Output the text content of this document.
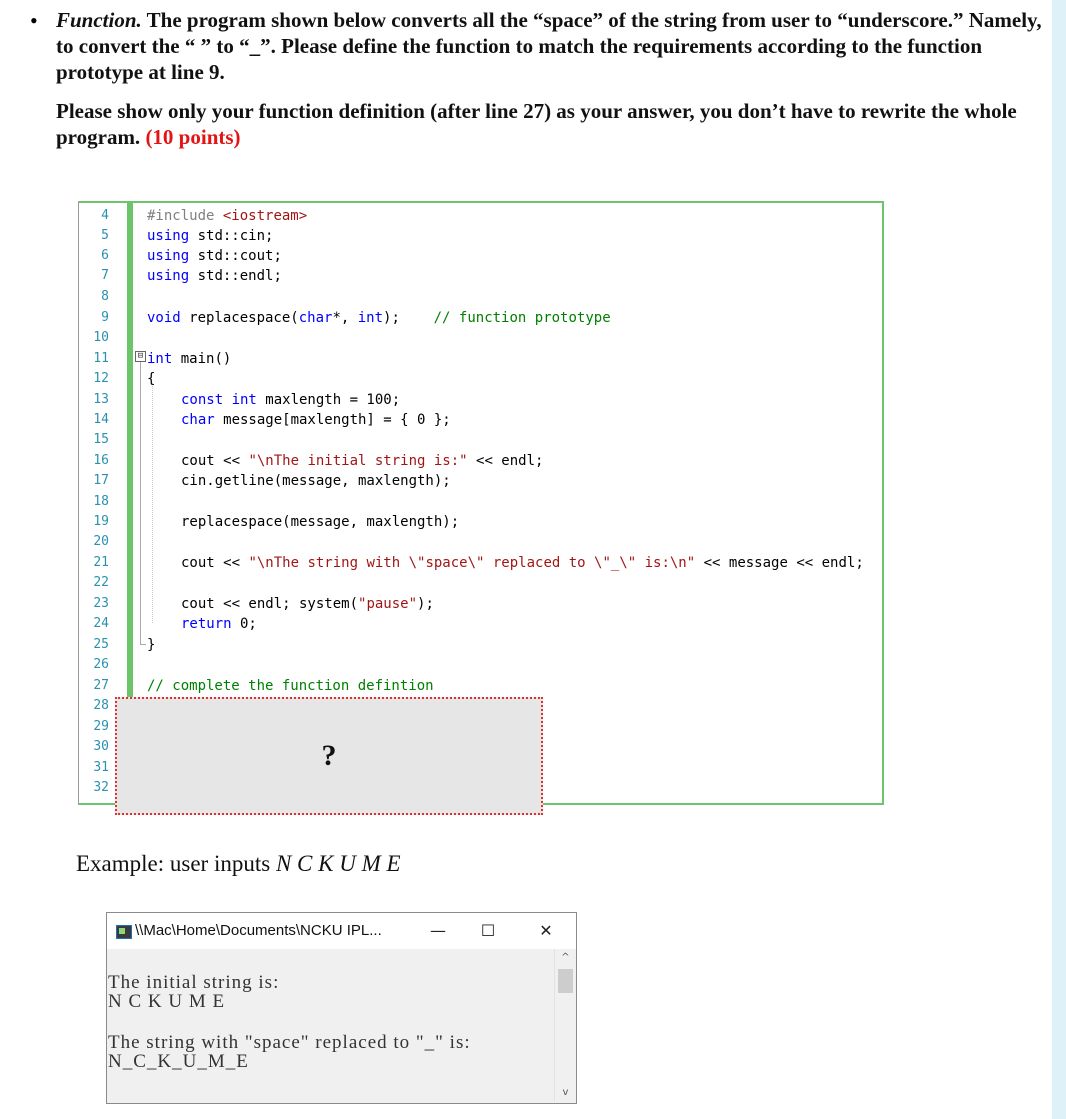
• Function. The program shown below converts all the “space” of the string from user to “underscore.” Namely, to convert the “ ” to “_”. Please define the function to match the requirements according to the function prototype at line 9.
Please show only your function definition (after line 27) as your answer, you don’t have to rewrite the whole program. (10 points)
4
5
6
7
8
9
10
11
12
13
14
15
16
17
18
19
20
21
22
23
24
25
26
27
28
29
30
31
32
⊟
#include <iostream>
using std::cin;
using std::cout;
using std::endl;
void replacespace(char*, int);    // function prototype
int main()
{
const int maxlength = 100;
char message[maxlength] = { 0 };
cout << "\nThe initial string is:" << endl;
cin.getline(message, maxlength);
replacespace(message, maxlength);
cout << "\nThe string with \"space\" replaced to \"_\" is:\n" << message << endl;
cout << endl; system("pause");
return 0;
}
// complete the function defintion
?
Example: user inputs N C K U M E
\\Mac\Home\Documents\NCKU IPL...	—	☐	✕
The initial string is:
N C K U M E
The string with "space" replaced to "_" is:
N_C_K_U_M_E
^
v
